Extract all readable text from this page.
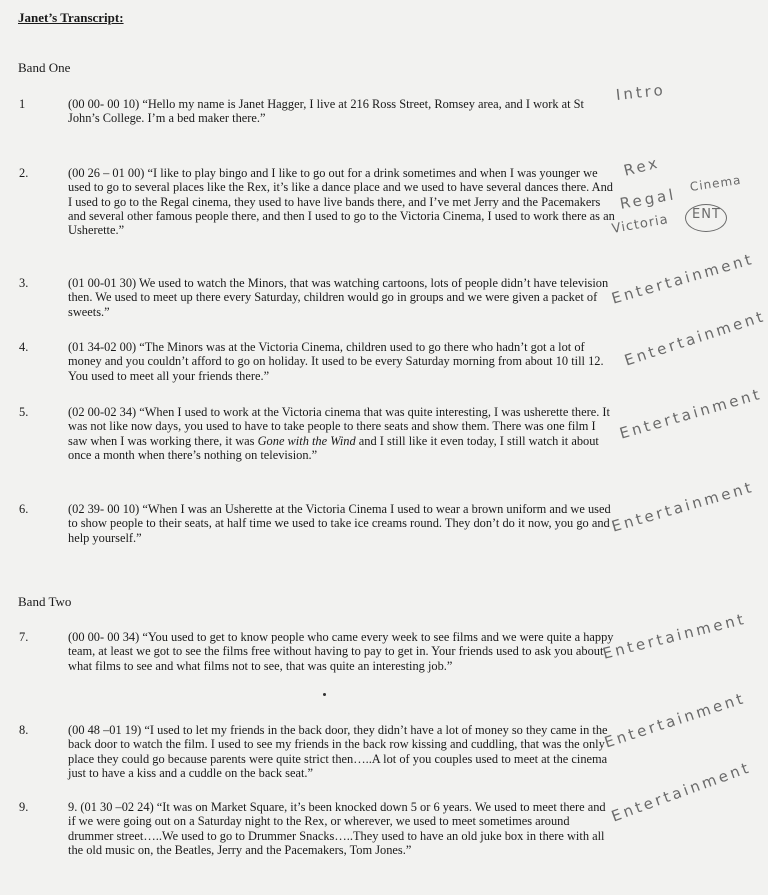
Janet’s Transcript:
Band One
1	(00 00- 00 10) “Hello my name is Janet Hagger, I live at 216 Ross Street, Romsey area, and I work at St John’s College. I’m a bed maker there.”
2.	(00 26 – 01 00) “I like to play bingo and I like to go out for a drink sometimes and when I was younger we used to go to several places like the Rex, it’s like a dance place and we used to have several dances there. And I used to go to the Regal cinema, they used to have live bands there, and I’ve met Jerry and the Pacemakers and several other famous people there, and then I used to go to the Victoria Cinema, I used to work there as an Usherette.”
3.	(01 00-01 30) We used to watch the Minors, that was watching cartoons, lots of people didn’t have television then. We used to meet up there every Saturday, children would go in groups and we were given a packet of sweets.”
4.	(01 34-02 00) “The Minors was at the Victoria Cinema, children used to go there who hadn’t got a lot of money and you couldn’t afford to go on holiday. It used to be every Saturday morning from about 10 till 12. You used to meet all your friends there.”
5.	(02 00-02 34) “When I used to work at the Victoria cinema that was quite interesting, I was usherette there. It was not like now days, you used to have to take people to there seats and show them. There was one film I saw when I was working there, it was Gone with the Wind and I still like it even today, I still watch it about once a month when there’s nothing on television.”
6.	(02 39- 00 10) “When I was an Usherette at the Victoria Cinema I used to wear a brown uniform and we used to show people to their seats, at half time we used to take ice creams round. They don’t do it now, you go and help yourself.”
Band Two
7.	(00 00- 00 34) “You used to get to know people who came every week to see films and we were quite a happy team, at least we got to see the films free without having to pay to get in. Your friends used to ask you about what films to see and what films not to see, that was quite an interesting job.”
8.	(00 48 –01 19) “I used to let my friends in the back door, they didn’t have a lot of money so they came in the back door to watch the film. I used to see my friends in the back row kissing and cuddling, that was the only place they could go because parents were quite strict then…..A lot of you couples used to meet at the cinema just to have a kiss and a cuddle on the back seat.”
9.	9. (01 30 –02 24) “It was on Market Square, it’s been knocked down 5 or 6 years. We used to meet there and if we were going out on a Saturday night to the Rex, or wherever, we used to meet sometimes around drummer street…..We used to go to Drummer Snacks…..They used to have an old juke box in there with all the old music on, the Beatles, Jerry and the Pacemakers, Tom Jones.”
Intro
Rex
Cinema
Regal
ENT
Victoria
Entertainment
Entertainment
Entertainment
Entertainment
Entertainment
Entertainment
Entertainment
